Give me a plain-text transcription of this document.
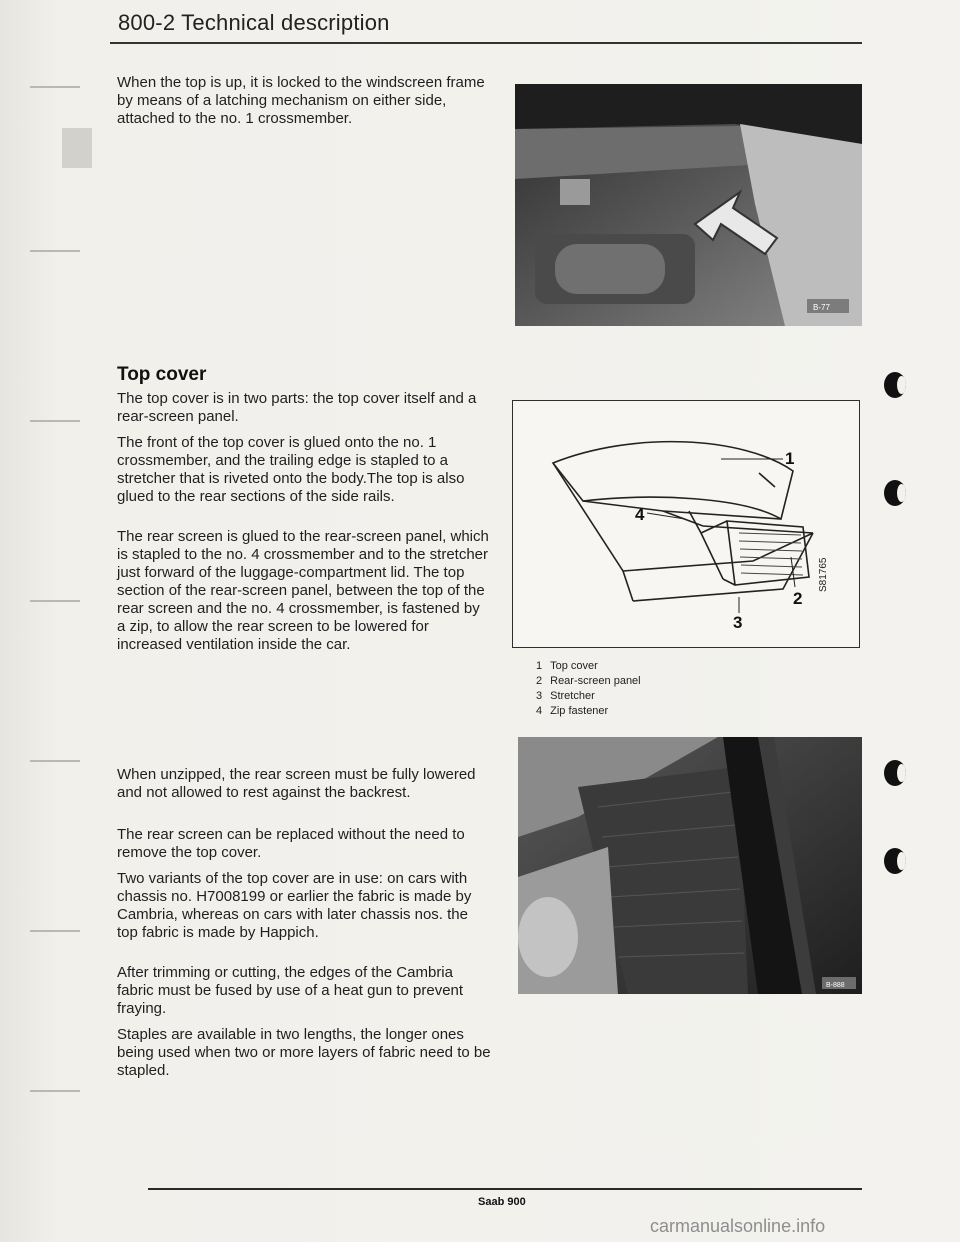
800-2 Technical description

When the top is up, it is locked to the windscreen frame by means of a latching mechanism on either side, attached to the no. 1 crossmember.

Top cover

The top cover is in two parts: the top cover itself and a rear-screen panel.

The front of the top cover is glued onto the no. 1 crossmember, and the trailing edge is stapled to a stretcher that is riveted onto the body.The top is also glued to the rear sections of the side rails.

The rear screen is glued to the rear-screen panel, which is stapled to the no. 4 crossmember and to the stretcher just forward of the luggage-compartment lid. The top section of the rear-screen panel, between the top of the rear screen and the no. 4 crossmember, is fastened by a zip, to allow the rear screen to be lowered for increased ventilation inside the car.

When unzipped, the rear screen must be fully lowered and not allowed to rest against the backrest.

The rear screen can be replaced without the need to remove the top cover.

Two variants of the top cover are in use: on cars with chassis no. H7008199 or earlier the fabric is made by Cambria, whereas on cars with later chassis nos. the top fabric is made by Happich.

After trimming or cutting, the edges of the Cambria fabric must be fused by use of a heat gun to prevent fraying.

Staples are available in two lengths, the longer ones being used when two or more layers of fabric need to be stapled.

B-77
1
2
3
4
S81765
1 Top cover
2 Rear-screen panel
3 Stretcher
4 Zip fastener
B-888
Saab 900
carmanualsonline.info
